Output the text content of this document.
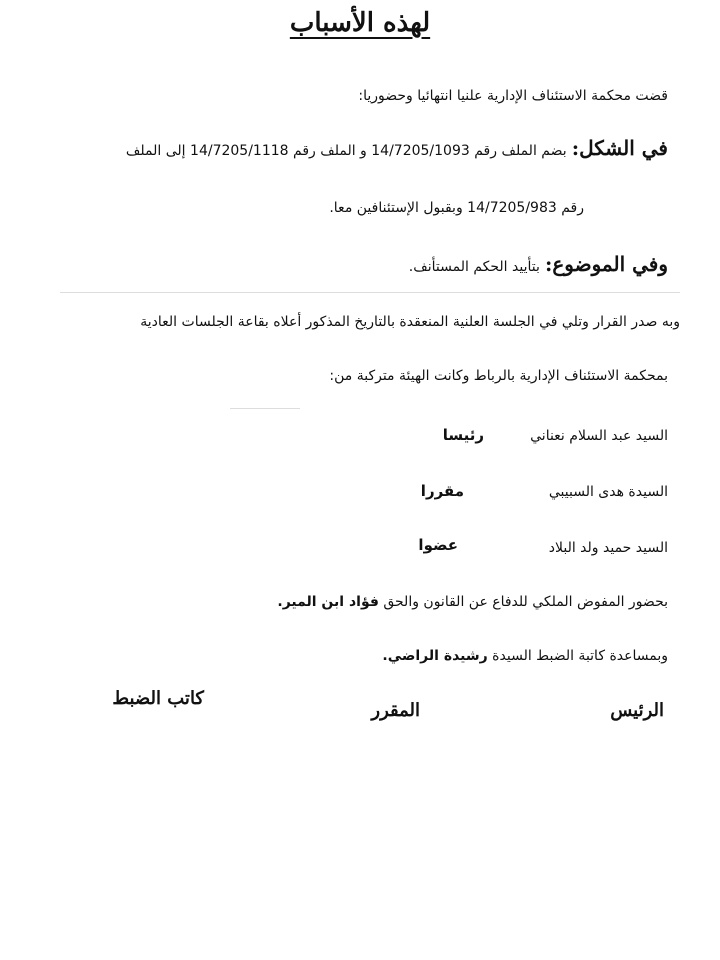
لهذه الأسباب
قضت محكمة الاستئناف الإدارية علنيا انتهائيا وحضوريا:
في الشكل: بضم الملف رقم 14/7205/1093 و الملف رقم 14/7205/1118 إلى الملف
رقم 14/7205/983 وبقبول الإستئنافين معا.
وفي الموضوع: بتأييد الحكم المستأنف.
وبه صدر القرار وتلي في الجلسة العلنية المنعقدة بالتاريخ المذكور أعلاه بقاعة الجلسات العادية
بمحكمة الاستئناف الإدارية بالرباط وكانت الهيئة متركبة من:
السيد عبد السلام نعناني
رئيسا
السيدة هدى السبيبي
مقررا
السيد حميد ولد البلاد
عضوا
بحضور المفوض الملكي للدفاع عن القانون والحق فؤاد ابن المير.
وبمساعدة كاتبة الضبط السيدة رشيدة الراضي.
الرئيس
المقرر
كاتب الضبط
